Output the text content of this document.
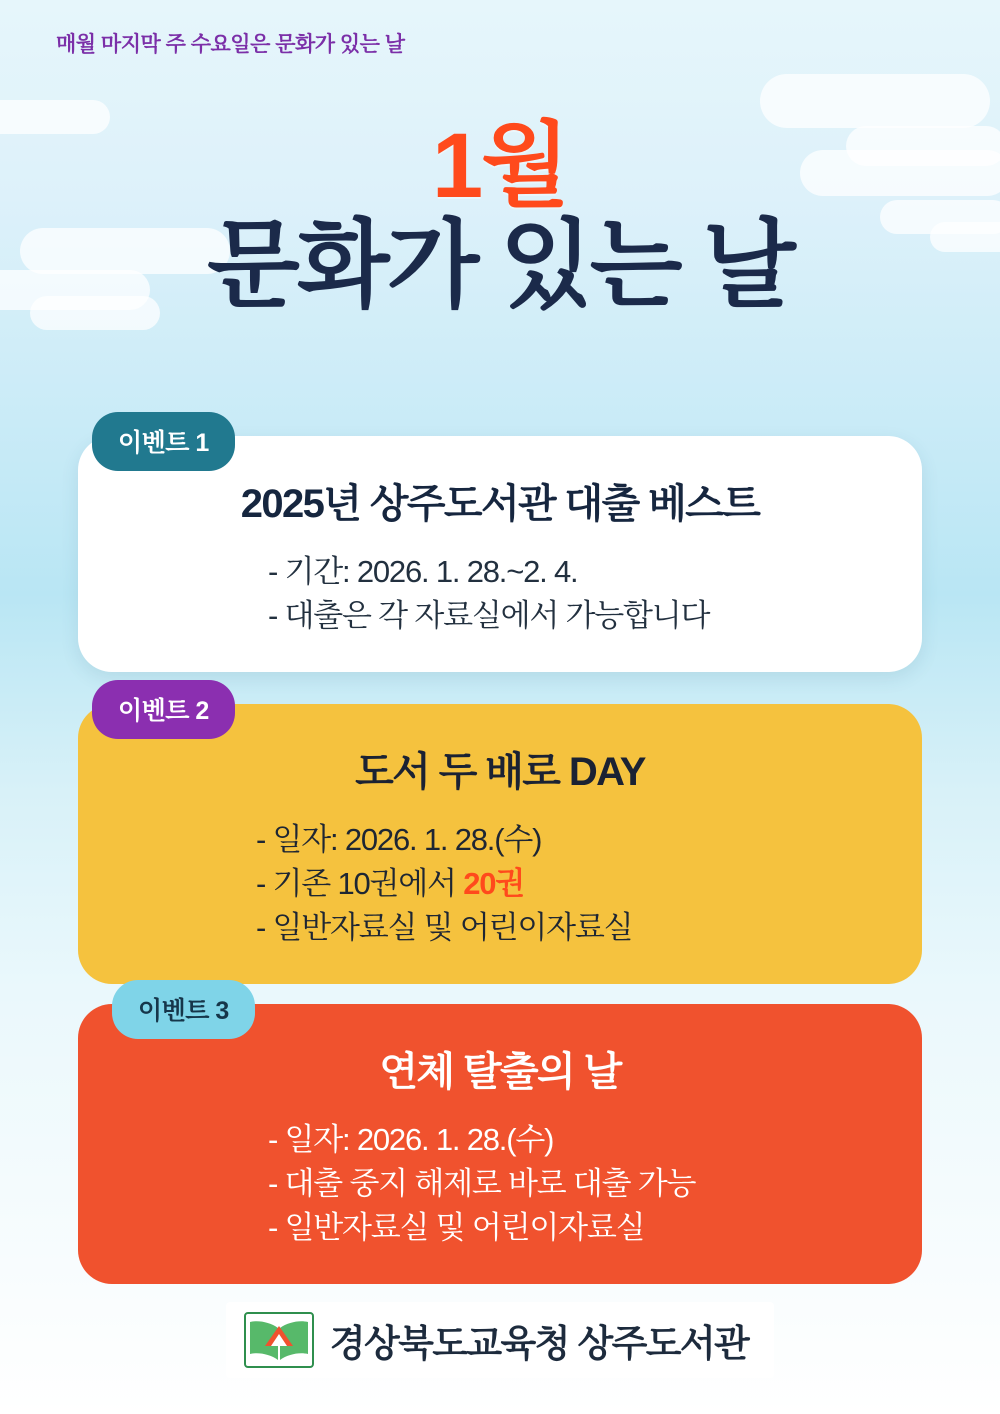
매월 마지막 주 수요일은 문화가 있는 날
1월
문화가 있는 날
이벤트 1
2025년 상주도서관 대출 베스트
- 기간: 2026. 1. 28.~2. 4.
- 대출은 각 자료실에서 가능합니다
이벤트 2
도서 두 배로 DAY
- 일자: 2026. 1. 28.(수)
- 기존 10권에서 20권
- 일반자료실 및 어린이자료실
이벤트 3
연체 탈출의 날
- 일자: 2026. 1. 28.(수)
- 대출 중지 해제로 바로 대출 가능
- 일반자료실 및 어린이자료실
경상북도교육청 상주도서관
